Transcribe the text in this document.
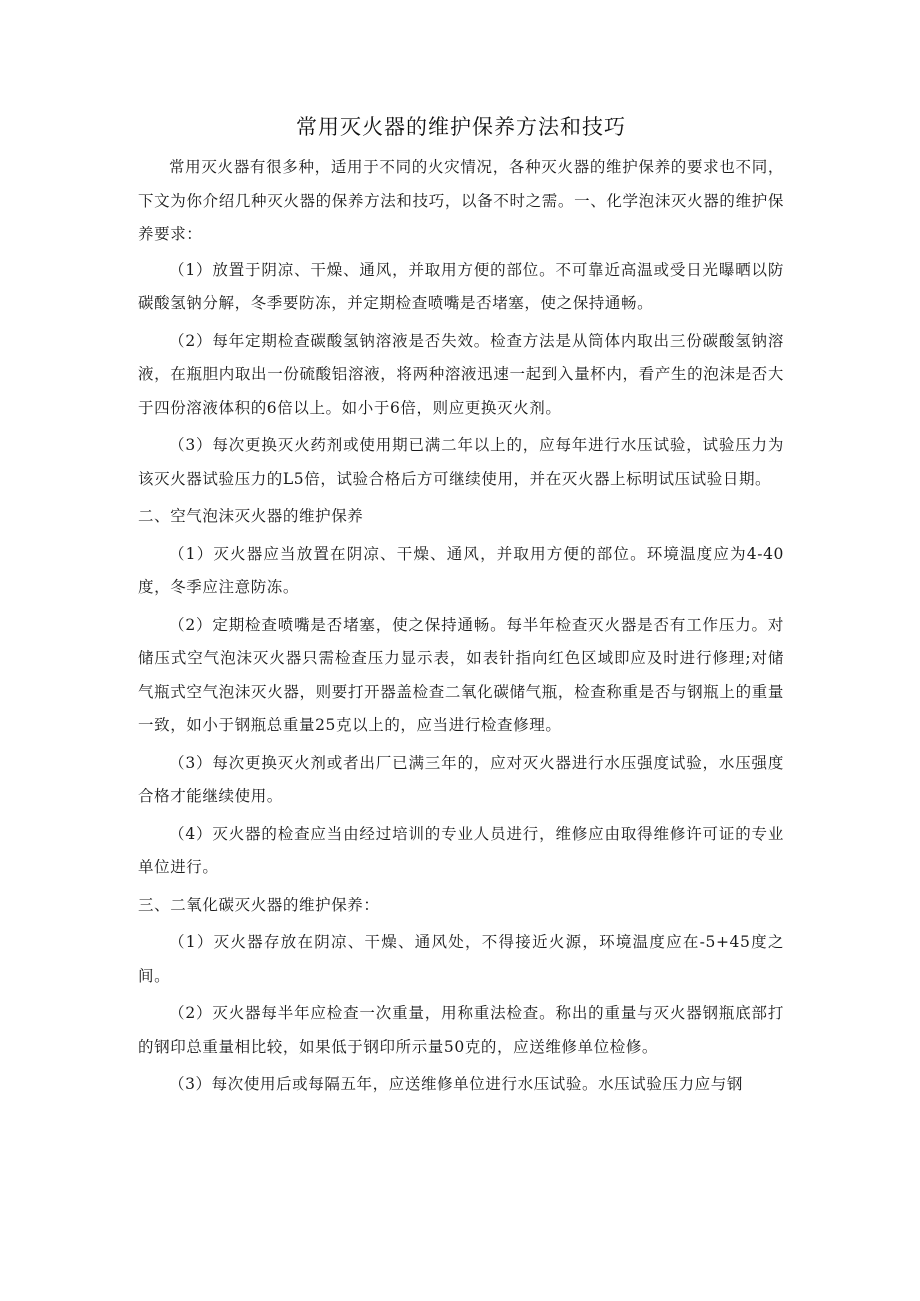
常用灭火器的维护保养方法和技巧

常用灭火器有很多种，适用于不同的火灾情况，各种灭火器的维护保养的要求也不同，下文为你介绍几种灭火器的保养方法和技巧，以备不时之需。一、化学泡沫灭火器的维护保养要求：

（1）放置于阴凉、干燥、通风，并取用方便的部位。不可靠近高温或受日光曝晒以防碳酸氢钠分解，冬季要防冻，并定期检查喷嘴是否堵塞，使之保持通畅。

（2）每年定期检查碳酸氢钠溶液是否失效。检查方法是从筒体内取出三份碳酸氢钠溶液，在瓶胆内取出一份硫酸铝溶液，将两种溶液迅速一起到入量杯内，看产生的泡沫是否大于四份溶液体积的6倍以上。如小于6倍，则应更换灭火剂。

（3）每次更换灭火药剂或使用期已满二年以上的，应每年进行水压试验，试验压力为该灭火器试验压力的L5倍，试验合格后方可继续使用，并在灭火器上标明试压试验日期。

二、空气泡沫灭火器的维护保养

（1）灭火器应当放置在阴凉、干燥、通风，并取用方便的部位。环境温度应为4-40度，冬季应注意防冻。

（2）定期检查喷嘴是否堵塞，使之保持通畅。每半年检查灭火器是否有工作压力。对储压式空气泡沫灭火器只需检查压力显示表，如表针指向红色区域即应及时进行修理;对储气瓶式空气泡沫灭火器，则要打开器盖检查二氧化碳储气瓶，检查称重是否与钢瓶上的重量一致，如小于钢瓶总重量25克以上的，应当进行检查修理。

（3）每次更换灭火剂或者出厂已满三年的，应对灭火器进行水压强度试验，水压强度合格才能继续使用。

（4）灭火器的检查应当由经过培训的专业人员进行，维修应由取得维修许可证的专业单位进行。

三、二氧化碳灭火器的维护保养：

（1）灭火器存放在阴凉、干燥、通风处，不得接近火源，环境温度应在-5+45度之间。

（2）灭火器每半年应检查一次重量，用称重法检查。称出的重量与灭火器钢瓶底部打的钢印总重量相比较，如果低于钢印所示量50克的，应送维修单位检修。

（3）每次使用后或每隔五年，应送维修单位进行水压试验。水压试验压力应与钢
